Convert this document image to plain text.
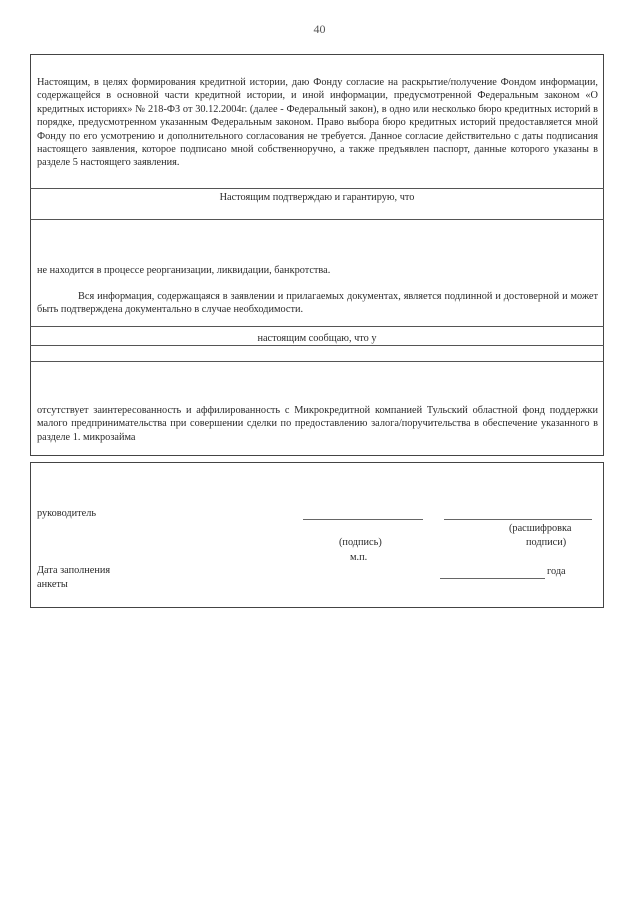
40
Настоящим, в целях формирования кредитной истории, даю Фонду согласие на раскрытие/получение Фондом информации, содержащейся в основной части кредитной истории, и иной информации, предусмотренной Федеральным законом «О кредитных историях» № 218-ФЗ от 30.12.2004г. (далее - Федеральный закон), в одно или несколько бюро кредитных историй в порядке, предусмотренном указанным Федеральным законом. Право выбора бюро кредитных историй предоставляется мной Фонду по его усмотрению и дополнительного согласования не требуется. Данное согласие действительно с даты подписания настоящего заявления, которое подписано мной собственноручно, а также предъявлен паспорт, данные которого указаны в разделе 5 настоящего заявления.
Настоящим подтверждаю и гарантирую, что
не находится в процессе реорганизации, ликвидации, банкротства.
Вся информация, содержащаяся в заявлении и прилагаемых документах, является подлинной и достоверной и может быть подтверждена документально в случае необходимости.
настоящим сообщаю, что у
отсутствует заинтересованность и аффилированность с Микрокредитной компанией Тульский областной фонд поддержки малого предпринимательства при совершении сделки по предоставлению залога/поручительства в обеспечение указанного в разделе 1. микрозайма
руководитель
(расшифровка
(подпись)	подписи)
м.п.
Дата заполнения
анкеты
года
